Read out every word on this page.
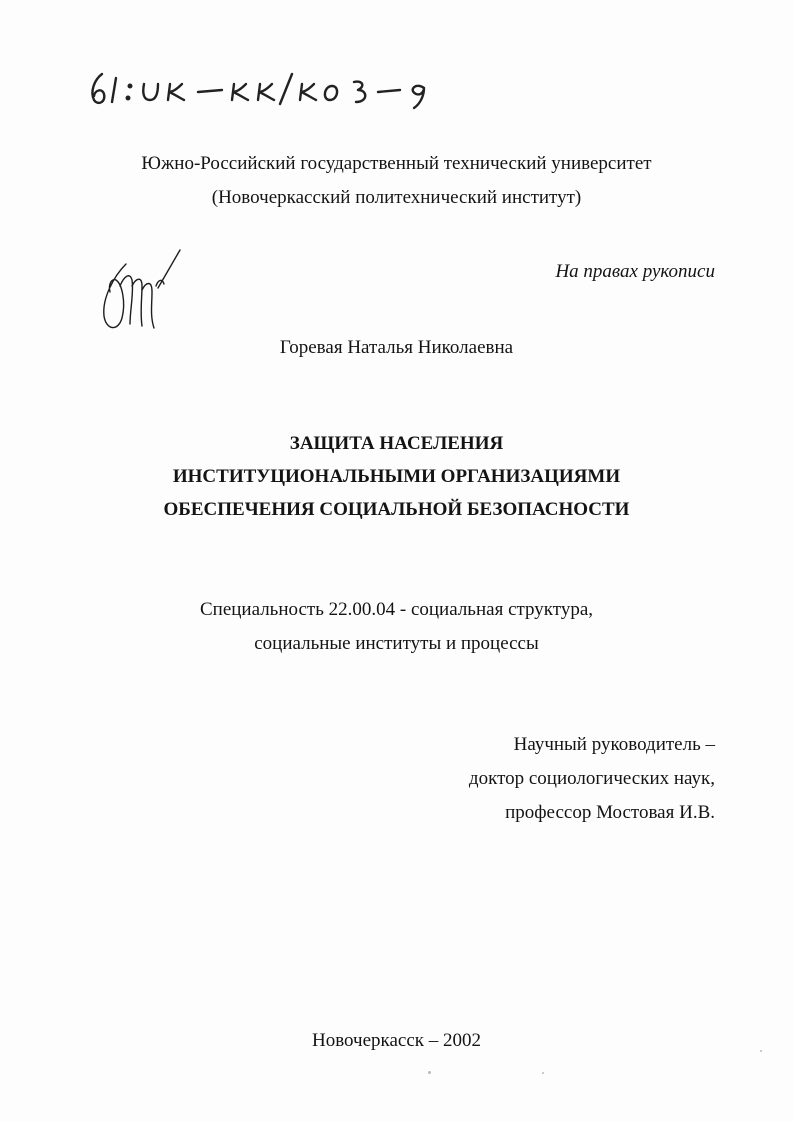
Южно-Российский государственный технический университет
(Новочеркасский политехнический институт)
На правах рукописи
Горевая Наталья Николаевна
ЗАЩИТА НАСЕЛЕНИЯ
ИНСТИТУЦИОНАЛЬНЫМИ ОРГАНИЗАЦИЯМИ
ОБЕСПЕЧЕНИЯ СОЦИАЛЬНОЙ БЕЗОПАСНОСТИ
Специальность 22.00.04 - социальная структура,
социальные институты и процессы
Научный руководитель –
доктор социологических наук,
профессор Мостовая И.В.
Новочеркасск – 2002
